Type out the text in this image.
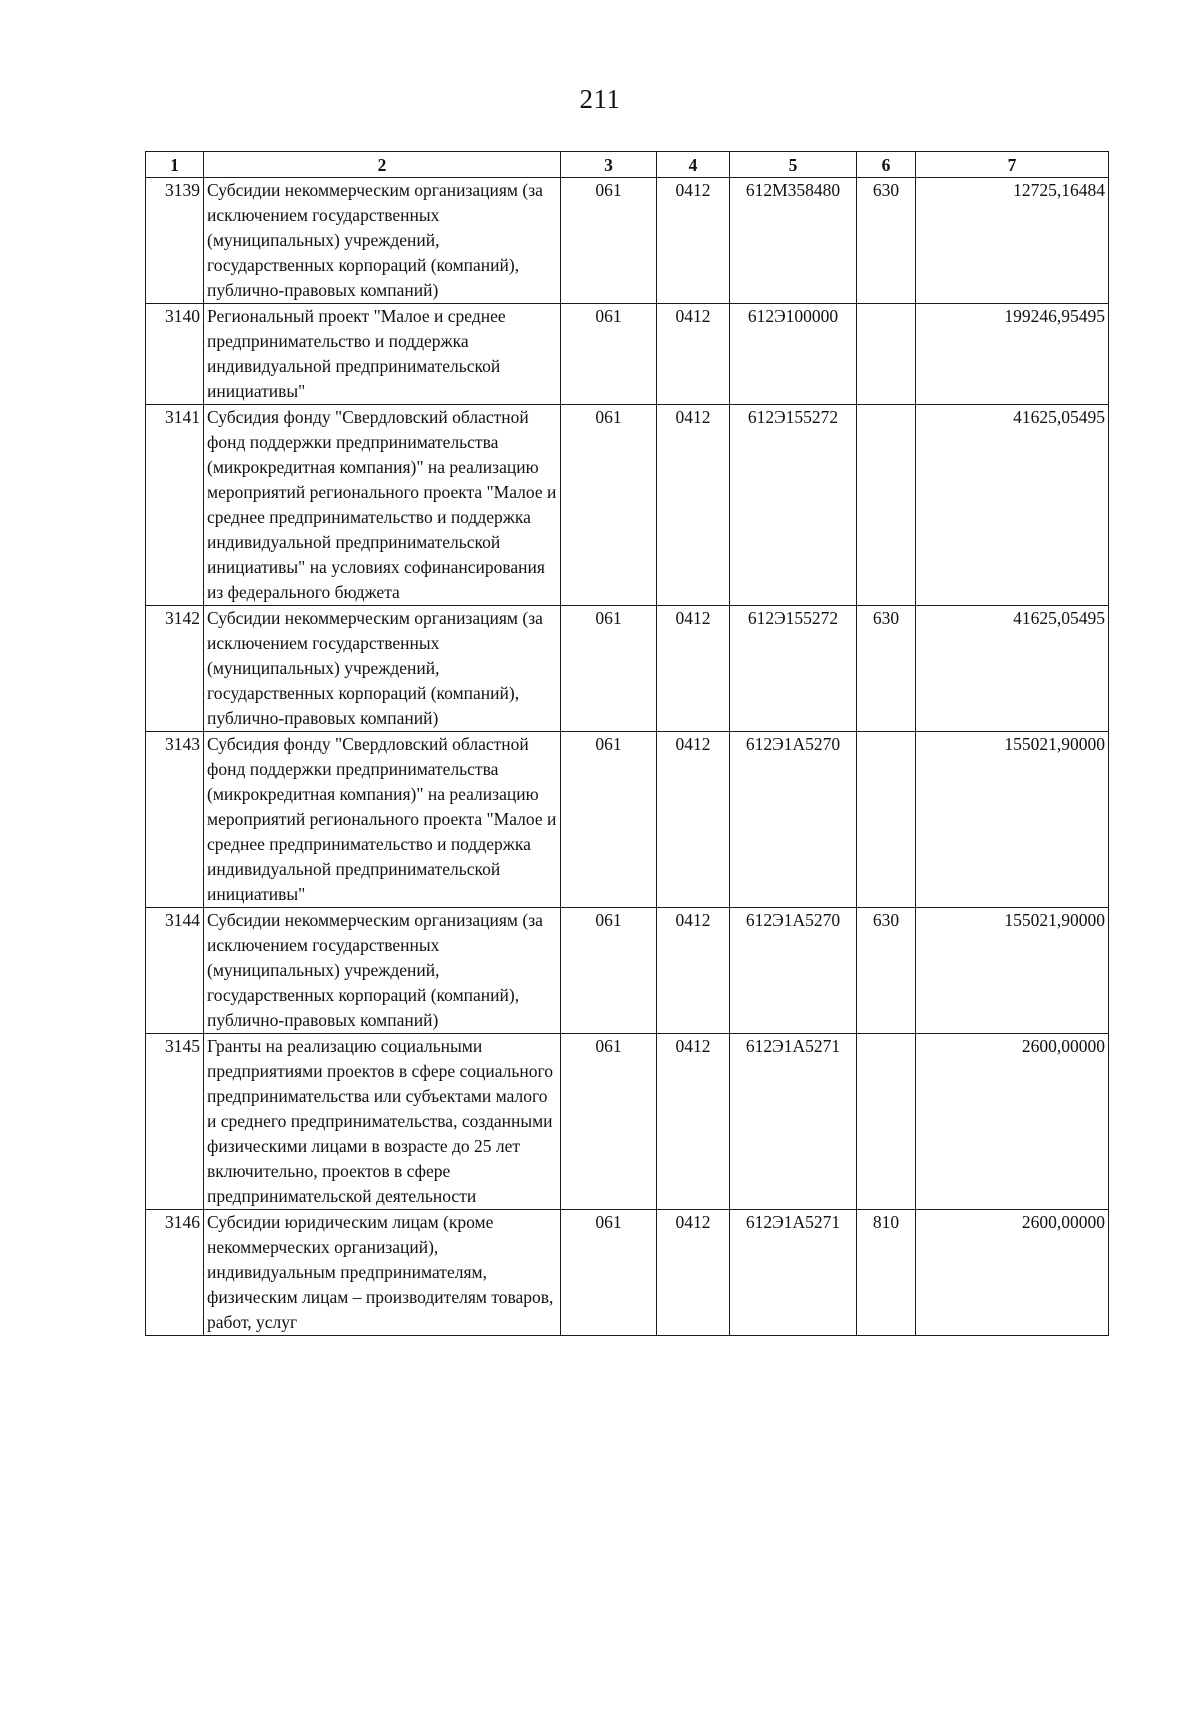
211
1	2	3	4	5	6	7
3139	Субсидии некоммерческим организациям (за исключением государственных (муниципальных) учреждений, государственных корпораций (компаний), публично-правовых компаний)	061	0412	612М358480	630	12725,16484
3140	Региональный проект "Малое и среднее предпринимательство и поддержка индивидуальной предпринимательской инициативы"	061	0412	612Э100000		199246,95495
3141	Субсидия фонду "Свердловский областной фонд поддержки предпринимательства (микрокредитная компания)" на реализацию мероприятий регионального проекта "Малое и среднее предпринимательство и поддержка индивидуальной предпринимательской инициативы" на условиях софинансирования из федерального бюджета	061	0412	612Э155272		41625,05495
3142	Субсидии некоммерческим организациям (за исключением государственных (муниципальных) учреждений, государственных корпораций (компаний), публично-правовых компаний)	061	0412	612Э155272	630	41625,05495
3143	Субсидия фонду "Свердловский областной фонд поддержки предпринимательства (микрокредитная компания)" на реализацию мероприятий регионального проекта "Малое и среднее предпринимательство и поддержка индивидуальной предпринимательской инициативы"	061	0412	612Э1А5270		155021,90000
3144	Субсидии некоммерческим организациям (за исключением государственных (муниципальных) учреждений, государственных корпораций (компаний), публично-правовых компаний)	061	0412	612Э1А5270	630	155021,90000
3145	Гранты на реализацию социальными предприятиями проектов в сфере социального предпринимательства или субъектами малого и среднего предпринимательства, созданными физическими лицами в возрасте до 25 лет включительно, проектов в сфере предпринимательской деятельности	061	0412	612Э1А5271		2600,00000
3146	Субсидии юридическим лицам (кроме некоммерческих организаций), индивидуальным предпринимателям, физическим лицам – производителям товаров, работ, услуг	061	0412	612Э1А5271	810	2600,00000
